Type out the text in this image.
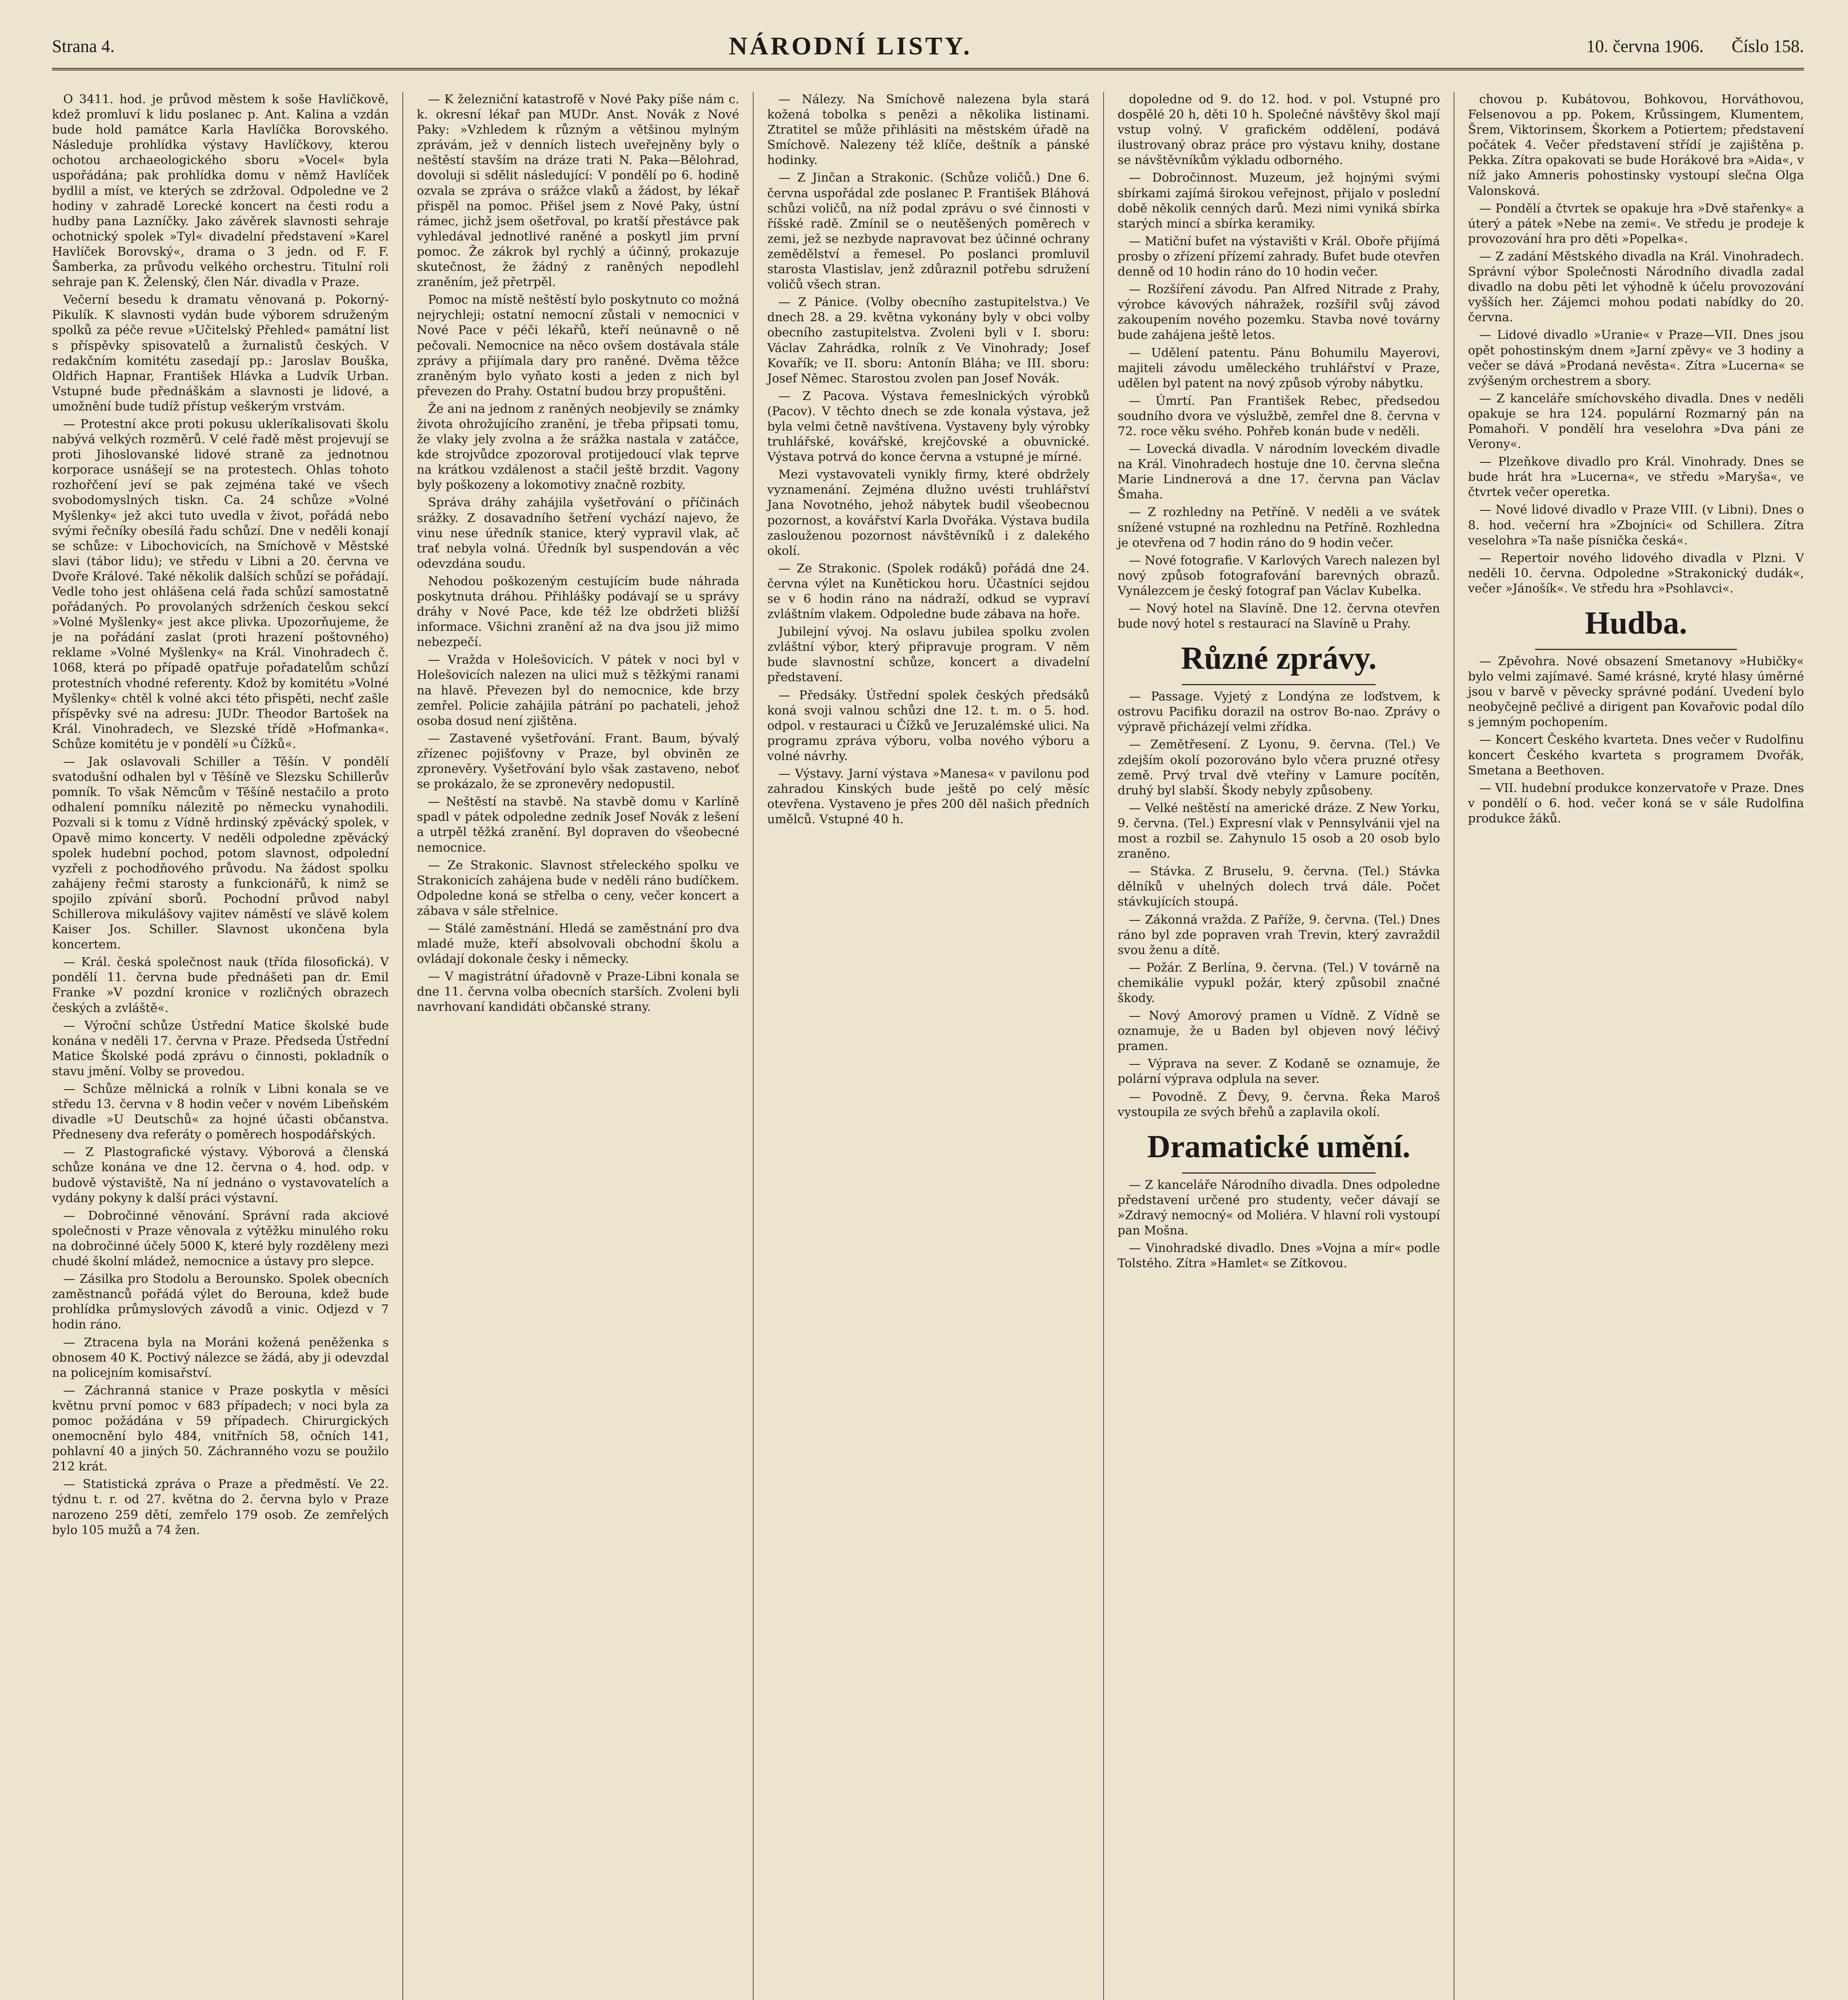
Strana 4.	NÁRODNÍ LISTY.	10. června 1906. Číslo 158.

O 3411. hod. je průvod městem k soše Havlíčkově, kdež promluví k lidu poslanec p. Ant. Kalina a vzdán bude hold památce Karla Havlíčka Borovského. Následuje prohlídka výstavy Havlíčkovy, kterou ochotou archaeologického sboru »Vocel« byla uspořádána; pak prohlídka domu v němž Havlíček bydlil a míst, ve kterých se zdržoval. Odpoledne ve 2 hodiny v zahradě Lorecké koncert na česti rodu a hudby pana Lazníčky. Jako závěrek slavnosti sehraje ochotnický spolek »Tyl« divadelní představení »Karel Havlíček Borovský«, drama o 3 jedn. od F. F. Šamberka, za průvodu velkého orchestru. Titulní roli sehraje pan K. Želenský, člen Nár. divadla v Praze.

Večerní besedu k dramatu věnovaná p. Pokorný-Pikulík. K slavnosti vydán bude výborem sdruženým spolků za péče revue »Učitelský Přehled« památní list s příspěvky spisovatelů a žurnalistů českých. V redakčním komitétu zasedají pp.: Jaroslav Bouška, Oldřich Hapnar, František Hlávka a Ludvík Urban. Vstupné bude přednáškám a slavnosti je lidové, a umožnění bude tudíž přístup veškerým vrstvám.

— Protestní akce proti pokusu ukleríkalisovati školu nabývá velkých rozměrů. V celé řadě měst projevují se proti Jihoslovanské lidové straně za jednotnou korporace usnášejí se na protestech. Ohlas tohoto rozhořčení jeví se pak zejména také ve všech svobodomyslných tiskn. Ca. 24 schůze »Volné Myšlenky« jež akci tuto uvedla v život, pořádá nebo svými řečníky obesílá řadu schůzí. Dne v neděli konají se schůze: v Libochovicích, na Smíchově v Městské slavi (tábor lidu); ve středu v Libni a 20. června ve Dvoře Králové. Také několik dalších schůzí se pořádají. Vedle toho jest ohlášena celá řada schůzí samostatně pořádaných. Po provolaných sdrženích českou sekcí »Volné Myšlenky« jest akce plivka. Upozorňujeme, že je na pořádání zaslat (proti hrazení poštovného) reklame »Volné Myšlenky« na Král. Vinohradech č. 1068, která po případě opatřuje pořadatelům schůzí protestních vhodné referenty. Kdož by komitétu »Volné Myšlenky« chtěl k volné akci této přispěti, nechť zašle příspěvky své na adresu: JUDr. Theodor Bartošek na Král. Vinohradech, ve Slezské třídě »Hofmanka«. Schůze komitétu je v pondělí »u Čížků«.

— Jak oslavovali Schiller a Těšín. V pondělí svatodušní odhalen byl v Těšíně ve Slezsku Schillerův pomník. To však Němcům v Těšíně nestačilo a proto odhalení pomníku nálezitě po německu vynahodili. Pozvali si k tomu z Vídně hrdinský zpěvácký spolek, v Opavě mimo koncerty. V neděli odpoledne zpěvácký spolek hudební pochod, potom slavnost, odpolední vyzřeli z pochodňového průvodu. Na žádost spolku zahájeny řečmi starosty a funkcionářů, k nimž se spojilo zpívání sborů. Pochodní průvod nabyl Schillerova mikulášovy vajitev náměstí ve slávě kolem Kaiser Jos. Schiller. Slavnost ukončena byla koncertem.

— Král. česká společnost nauk (třída filosofická). V pondělí 11. června bude přednášeti pan dr. Emil Franke »V pozdní kronice v rozličných obrazech českých a zvláště«.

— Výroční schůze Ústřední Matice školské bude konána v neděli 17. června v Praze. Předseda Ústřední Matice Školské podá zprávu o činnosti, pokladník o stavu jmění. Volby se provedou.

— Schůze mělnická a rolník v Libni konala se ve středu 13. června v 8 hodin večer v novém Libeňském divadle »U Deutschů« za hojné účasti občanstva. Předneseny dva referáty o poměrech hospodářských.

— Z Plastografické výstavy. Výborová a členská schůze konána ve dne 12. června o 4. hod. odp. v budově výstaviště, Na ní jednáno o vystavovatelích a vydány pokyny k další práci výstavní.

— Dobročinné věnování. Správní rada akciové společnosti v Praze věnovala z výtěžku minulého roku na dobročinné účely 5000 K, které byly rozděleny mezi chudé školní mládež, nemocnice a ústavy pro slepce.

— Zásilka pro Stodolu a Berounsko. Spolek obecních zaměstnanců pořádá výlet do Berouna, kdež bude prohlídka průmyslových závodů a vinic. Odjezd v 7 hodin ráno.

— Ztracena byla na Moráni kožená peněženka s obnosem 40 K. Poctivý nálezce se žádá, aby ji odevzdal na policejním komisařství.

— Záchranná stanice v Praze poskytla v měsíci květnu první pomoc v 683 případech; v noci byla za pomoc požádána v 59 případech. Chirurgických onemocnění bylo 484, vnitřních 58, očních 141, pohlavní 40 a jiných 50. Záchranného vozu se použilo 212 krát.

— Statistická zpráva o Praze a předměstí. Ve 22. týdnu t. r. od 27. května do 2. června bylo v Praze narozeno 259 dětí, zemřelo 179 osob. Ze zemřelých bylo 105 mužů a 74 žen.

— K železniční katastrofě v Nové Paky píše nám c. k. okresní lékař pan MUDr. Anst. Novák z Nové Paky: »Vzhledem k různým a většinou mylným zprávám, jež v denních listech uveřejněny byly o neštěstí stavším na dráze trati N. Paka—Bělohrad, dovoluji si sdělit následující: V pondělí po 6. hodině ozvala se zpráva o srážce vlaků a žádost, by lékař přispěl na pomoc. Přišel jsem z Nové Paky, ústní rámec, jichž jsem ošetřoval, po kratší přestávce pak vyhledával jednotlivé raněné a poskytl jim první pomoc. Že zákrok byl rychlý a účinný, prokazuje skutečnost, že žádný z raněných nepodlehl zraněním, jež přetrpěl.

Pomoc na místě neštěstí bylo poskytnuto co možná nejrychleji; ostatní nemocní zůstali v nemocnici v Nové Pace v péči lékařů, kteří neúnavně o ně pečovali. Nemocnice na něco ovšem dostávala stále zprávy a přijímala dary pro raněné. Dvěma těžce zraněným bylo vyňato kosti a jeden z nich byl převezen do Prahy. Ostatní budou brzy propuštěni.

Že ani na jednom z raněných neobjevily se známky života ohrožujícího zranění, je třeba připsati tomu, že vlaky jely zvolna a že srážka nastala v zatáčce, kde strojvůdce zpozoroval protijedoucí vlak teprve na krátkou vzdálenost a stačil ještě brzdit. Vagony byly poškozeny a lokomotivy značně rozbity.

Správa dráhy zahájila vyšetřování o příčinách srážky. Z dosavadního šetření vychází najevo, že vinu nese úředník stanice, který vypravil vlak, ač trať nebyla volná. Úředník byl suspendován a věc odevzdána soudu.

Nehodou poškozeným cestujícím bude náhrada poskytnuta dráhou. Přihlášky podávají se u správy dráhy v Nové Pace, kde též lze obdržeti bližší informace. Všichni zranění až na dva jsou již mimo nebezpečí.

— Vražda v Holešovicích. V pátek v noci byl v Holešovicích nalezen na ulici muž s těžkými ranami na hlavě. Převezen byl do nemocnice, kde brzy zemřel. Policie zahájila pátrání po pachateli, jehož osoba dosud není zjištěna.

— Zastavené vyšetřování. Frant. Baum, bývalý zřízenec pojišťovny v Praze, byl obviněn ze zpronevěry. Vyšetřování bylo však zastaveno, neboť se prokázalo, že se zpronevěry nedopustil.

— Neštěstí na stavbě. Na stavbě domu v Karlíně spadl v pátek odpoledne zedník Josef Novák z lešení a utrpěl těžká zranění. Byl dopraven do všeobecné nemocnice.

— Ze Strakonic. Slavnost střeleckého spolku ve Strakonicích zahájena bude v neděli ráno budíčkem. Odpoledne koná se střelba o ceny, večer koncert a zábava v sále střelnice.

— Stálé zaměstnání. Hledá se zaměstnání pro dva mladé muže, kteří absolvovali obchodní školu a ovládají dokonale česky i německy.

— V magistrátní úřadovně v Praze-Libni konala se dne 11. června volba obecních starších. Zvoleni byli navrhovaní kandidáti občanské strany.

— Nálezy. Na Smíchově nalezena byla stará kožená tobolka s penězi a několika listinami. Ztratitel se může přihlásiti na městském úřadě na Smíchově. Nalezeny též klíče, deštník a pánské hodinky.

— Z Jinčan a Strakonic. (Schůze voličů.) Dne 6. června uspořádal zde poslanec P. František Bláhová schůzi voličů, na níž podal zprávu o své činnosti v říšské radě. Zmínil se o neutěšených poměrech v zemi, jež se nezbyde napravovat bez účinné ochrany zemědělství a řemesel. Po poslanci promluvil starosta Vlastislav, jenž zdůraznil potřebu sdružení voličů všech stran.

— Z Pánice. (Volby obecního zastupitelstva.) Ve dnech 28. a 29. května vykonány byly v obci volby obecního zastupitelstva. Zvoleni byli v I. sboru: Václav Zahrádka, rolník z Ve Vinohrady; Josef Kovařík; ve II. sboru: Antonín Bláha; ve III. sboru: Josef Němec. Starostou zvolen pan Josef Novák.

— Z Pacova. Výstava řemeslnických výrobků (Pacov). V těchto dnech se zde konala výstava, jež byla velmi četně navštívena. Vystaveny byly výrobky truhlářské, kovářské, krejčovské a obuvnické. Výstava potrvá do konce června a vstupné je mírné.

Mezi vystavovateli vynikly firmy, které obdržely vyznamenání. Zejména dlužno uvésti truhlářství Jana Novotného, jehož nábytek budil všeobecnou pozornost, a kovářství Karla Dvořáka. Výstava budila zaslouženou pozornost návštěvníků i z dalekého okolí.

— Ze Strakonic. (Spolek rodáků) pořádá dne 24. června výlet na Kunětickou horu. Účastníci sejdou se v 6 hodin ráno na nádraží, odkud se vypraví zvláštním vlakem. Odpoledne bude zábava na hoře.

Jubilejní vývoj. Na oslavu jubilea spolku zvolen zvláštní výbor, který připravuje program. V něm bude slavnostní schůze, koncert a divadelní představení.

— Předsáky. Ústřední spolek českých předsáků koná svoji valnou schůzi dne 12. t. m. o 5. hod. odpol. v restauraci u Čížků ve Jeruzalémské ulici. Na programu zpráva výboru, volba nového výboru a volné návrhy.

— Výstavy. Jarní výstava »Manesa« v pavilonu pod zahradou Kinských bude ještě po celý měsíc otevřena. Vystaveno je přes 200 děl našich předních umělců. Vstupné 40 h.

dopoledne od 9. do 12. hod. v pol. Vstupné pro dospělé 20 h, děti 10 h. Společné návštěvy škol mají vstup volný. V grafickém oddělení, podává ilustrovaný obraz práce pro výstavu knihy, dostane se návštěvníkům výkladu odborného.

— Dobročinnost. Muzeum, jež hojnými svými sbírkami zajímá širokou veřejnost, přijalo v poslední době několik cenných darů. Mezi nimi vyniká sbírka starých mincí a sbírka keramiky.

— Matiční bufet na výstavišti v Král. Oboře přijímá prosby o zřízení přízemí zahrady. Bufet bude otevřen denně od 10 hodin ráno do 10 hodin večer.

— Rozšíření závodu. Pan Alfred Nitrade z Prahy, výrobce kávových náhražek, rozšířil svůj závod zakoupením nového pozemku. Stavba nové továrny bude zahájena ještě letos.

— Udělení patentu. Pánu Bohumilu Mayerovi, majiteli závodu uměleckého truhlářství v Praze, udělen byl patent na nový způsob výroby nábytku.

— Úmrtí. Pan František Rebec, předsedou soudního dvora ve výslužbě, zemřel dne 8. června v 72. roce věku svého. Pohřeb konán bude v neděli.

— Lovecká divadla. V národním loveckém divadle na Král. Vinohradech hostuje dne 10. června slečna Marie Lindnerová a dne 17. června pan Václav Šmaha.

— Z rozhledny na Petříně. V neděli a ve svátek snížené vstupné na rozhlednu na Petříně. Rozhledna je otevřena od 7 hodin ráno do 9 hodin večer.

— Nové fotografie. V Karlových Varech nalezen byl nový způsob fotografování barevných obrazů. Vynálezcem je český fotograf pan Václav Kubelka.

— Nový hotel na Slavíně. Dne 12. června otevřen bude nový hotel s restaurací na Slavíně u Prahy.

Různé zprávy.

— Passage. Vyjetý z Londýna ze loďstvem, k ostrovu Pacifiku dorazil na ostrov Bo-nao. Zprávy o výpravě přicházejí velmi zřídka.

— Zemětřesení. Z Lyonu, 9. června. (Tel.) Ve zdejším okolí pozorováno bylo včera pruzné otřesy země. Prvý trval dvě vteřiny v Lamure pocítěn, druhý byl slabší. Škody nebyly způsobeny.

— Velké neštěstí na americké dráze. Z New Yorku, 9. června. (Tel.) Expresní vlak v Pennsylvánii vjel na most a rozbil se. Zahynulo 15 osob a 20 osob bylo zraněno.

— Stávka. Z Bruselu, 9. června. (Tel.) Stávka dělníků v uhelných dolech trvá dále. Počet stávkujících stoupá.

— Zákonná vražda. Z Paříže, 9. června. (Tel.) Dnes ráno byl zde popraven vrah Trevin, který zavraždil svou ženu a dítě.

— Požár. Z Berlína, 9. června. (Tel.) V továrně na chemikálie vypukl požár, který způsobil značné škody.

— Nový Amorový pramen u Vídně. Z Vídně se oznamuje, že u Baden byl objeven nový léčivý pramen.

— Výprava na sever. Z Kodaně se oznamuje, že polární výprava odplula na sever.

— Povodně. Z Ďevy, 9. června. Řeka Maroš vystoupila ze svých břehů a zaplavila okolí.

Dramatické umění.

— Z kanceláře Národního divadla. Dnes odpoledne představení určené pro studenty, večer dávají se »Zdravý nemocný« od Moliéra. V hlavní roli vystoupí pan Mošna.

— Vinohradské divadlo. Dnes »Vojna a mír« podle Tolstého. Zítra »Hamlet« se Zítkovou.

chovou p. Kubátovou, Bohkovou, Horváthovou, Felsenovou a pp. Pokem, Krůssingem, Klumentem, Šrem, Viktorinsem, Škorkem a Potiertem; představení počátek 4. Večer představení střídí je zajištěna p. Pekka. Zítra opakovati se bude Horákové bra »Aida«, v níž jako Amneris pohostinsky vystoupí slečna Olga Valonsková.

— Pondělí a čtvrtek se opakuje hra »Dvě stařenky« a úterý a pátek »Nebe na zemi«. Ve středu je prodeje k provozování hra pro děti »Popelka«.

— Z zadání Městského divadla na Král. Vinohradech. Správní výbor Společnosti Národního divadla zadal divadlo na dobu pěti let výhodně k účelu provozování vyšších her. Zájemci mohou podati nabídky do 20. června.

— Lidové divadlo »Uranie« v Praze—VII. Dnes jsou opět pohostinským dnem »Jarní zpěvy« ve 3 hodiny a večer se dává »Prodaná nevěsta«. Zítra »Lucerna« se zvýšeným orchestrem a sbory.

— Z kanceláře smíchovského divadla. Dnes v neděli opakuje se hra 124. populární Rozmarný pán na Pomahoři. V pondělí hra veselohra »Dva páni ze Verony«.

— Plzeňkove divadlo pro Král. Vinohrady. Dnes se bude hrát hra »Lucerna«, ve středu »Maryša«, ve čtvrtek večer operetka.

— Nové lidové divadlo v Praze VIII. (v Libni). Dnes o 8. hod. večerní hra »Zbojníci« od Schillera. Zítra veselohra »Ta naše písnička česká«.

— Repertoir nového lidového divadla v Plzni. V neděli 10. června. Odpoledne »Strakonický dudák«, večer »Jánošík«. Ve středu hra »Psohlavci«.

Hudba.

— Zpěvohra. Nové obsazení Smetanovy »Hubičky« bylo velmi zajímavé. Samé krásné, kryté hlasy úměrné jsou v barvě v pěvecky správné podání. Uvedení bylo neobyčejně pečlivé a dirigent pan Kovařovic podal dílo s jemným pochopením.

— Koncert Českého kvarteta. Dnes večer v Rudolfinu koncert Českého kvarteta s programem Dvořák, Smetana a Beethoven.

— VII. hudební produkce konzervatoře v Praze. Dnes v pondělí o 6. hod. večer koná se v sále Rudolfina produkce žáků.
